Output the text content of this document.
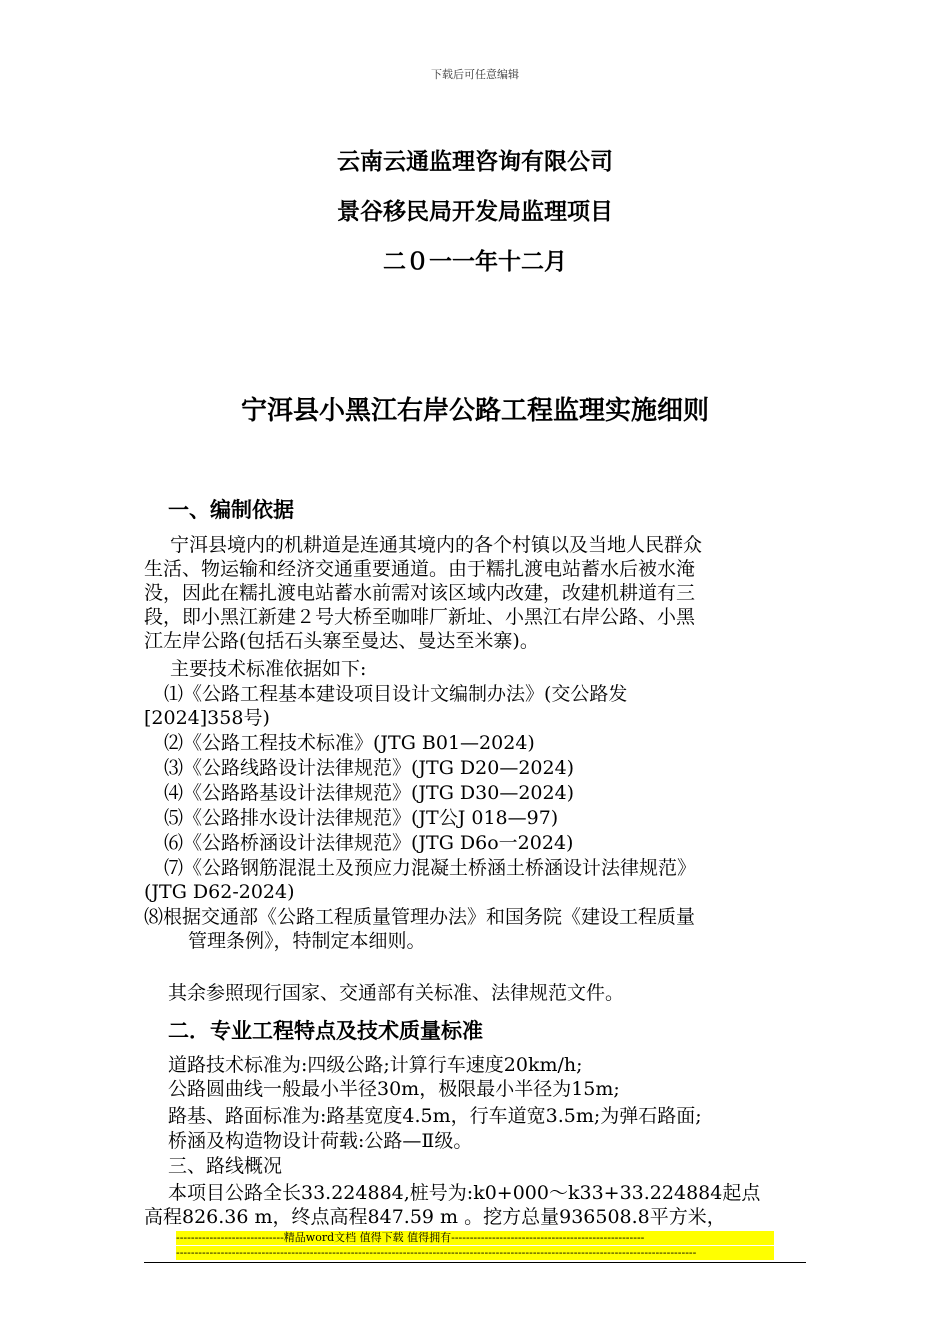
下载后可任意编辑
云南云通监理咨询有限公司
景谷移民局开发局监理项目
二０一一年十二月
宁洱县小黑江右岸公路工程监理实施细则
一、编制依据
宁洱县境内的机耕道是连通其境内的各个村镇以及当地人民群众
生活、物运输和经济交通重要通道。由于糯扎渡电站蓄水后被水淹
没，因此在糯扎渡电站蓄水前需对该区域内改建，改建机耕道有三
段，即小黑江新建２号大桥至咖啡厂新址、小黑江右岸公路、小黑
江左岸公路(包括石头寨至曼达、曼达至米寨)。
主要技术标准依据如下:
⑴《公路工程基本建设项目设计文编制办法》(交公路发
[2024]358号)
⑵《公路工程技术标准》(JTG B01—2024)
⑶《公路线路设计法律规范》(JTG D20—2024)
⑷《公路路基设计法律规范》(JTG D30—2024)
⑸《公路排水设计法律规范》(JT公J 018—97)
⑹《公路桥涵设计法律规范》(JTG D6o一2024)
⑺《公路钢筋混混土及预应力混凝土桥涵土桥涵设计法律规范》
(JTG D62-2024)
⑻根据交通部《公路工程质量管理办法》和国务院《建设工程质量
管理条例》，特制定本细则。
其余参照现行国家、交通部有关标准、法律规范文件。
二．专业工程特点及技术质量标准
道路技术标准为:四级公路;计算行车速度20km/h;
公路圆曲线一般最小半径30m，极限最小半径为15m;
路基、路面标准为:路基宽度4.5m，行车道宽3.5m;为弹石路面;
桥涵及构造物设计荷载:公路—Ⅱ级。
三、路线概况
本项目公路全长33.224884,桩号为:k0+000～k33+33.224884起点
高程826.36 m，终点高程847.59 m 。挖方总量936508.8平方米，
-----------------------------精品word文档 值得下载 值得拥有----------------------------------------------------
--------------------------------------------------------------------------------------------------------------------------------------------
